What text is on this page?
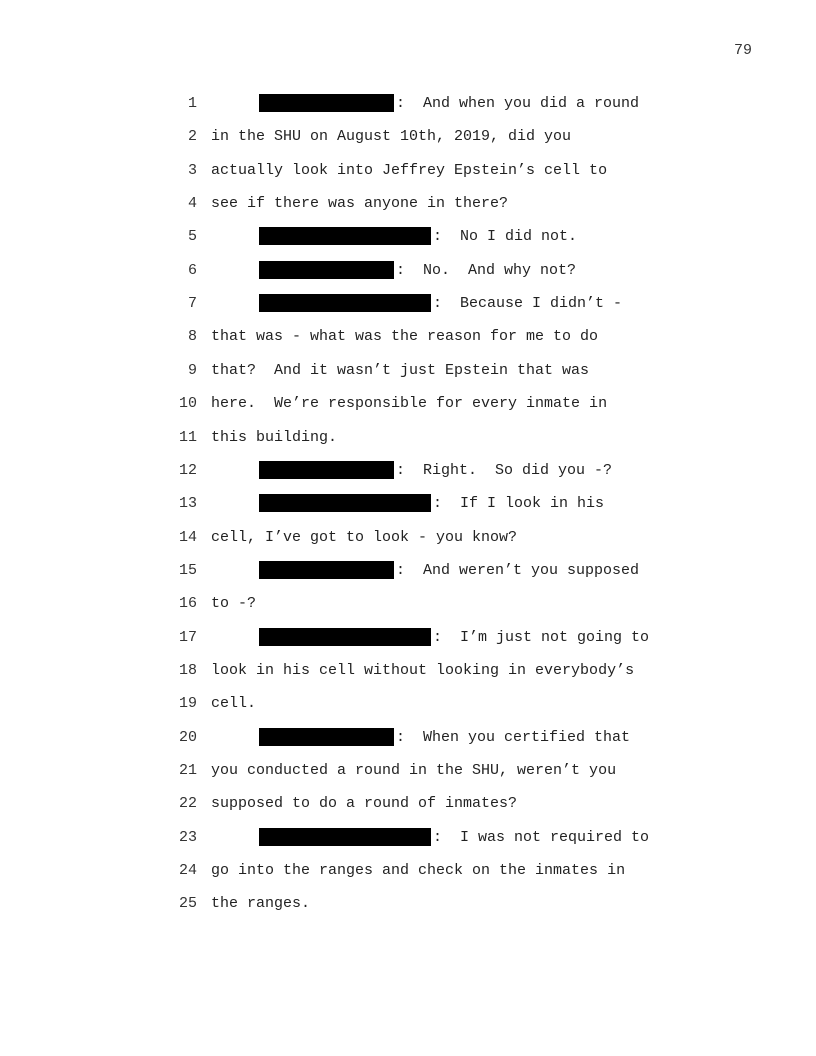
79
1	:  And when you did a round
2 in the SHU on August 10th, 2019, did you
3 actually look into Jeffrey Epstein’s cell to
4 see if there was anyone in there?
5	:  No I did not.
6	:  No.  And why not?
7	:  Because I didn’t -
8 that was - what was the reason for me to do
9 that?  And it wasn’t just Epstein that was
10 here.  We’re responsible for every inmate in
11 this building.
12	:  Right.  So did you -?
13	:  If I look in his
14 cell, I’ve got to look - you know?
15	:  And weren’t you supposed
16 to -?
17	:  I’m just not going to
18 look in his cell without looking in everybody’s
19 cell.
20	:  When you certified that
21 you conducted a round in the SHU, weren’t you
22 supposed to do a round of inmates?
23	:  I was not required to
24 go into the ranges and check on the inmates in
25 the ranges.
